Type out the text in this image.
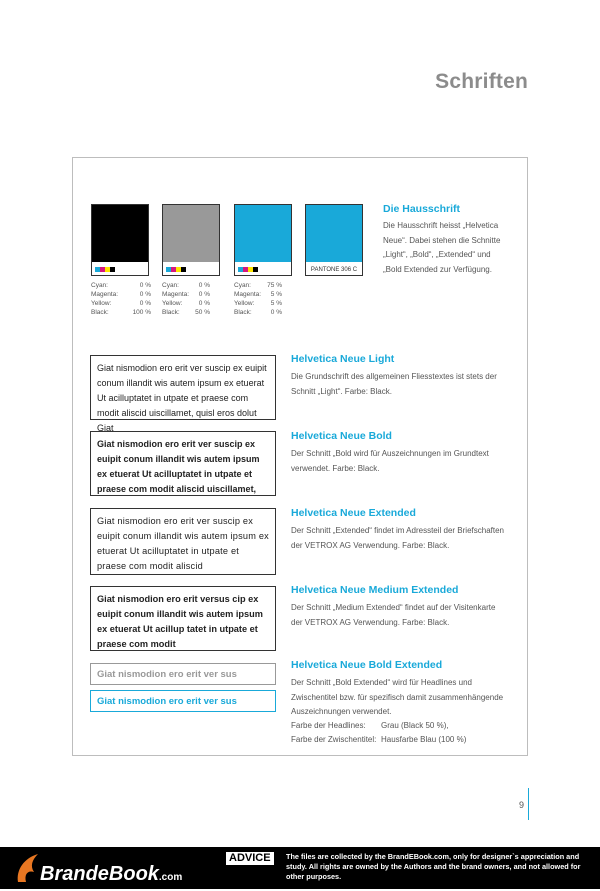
Schriften
PANTONE 306 C
Cyan:	0 %
Magenta:	0 %
Yellow:	0 %
Black:	100 %
Cyan:	0 %
Magenta: 0 %
Yellow:	0 %
Black: 50 %
Cyan: 75 %
Magenta: 5 %
Yellow:	5 %
Black:	0 %
Die Hausschrift
Die Hausschrift heisst „Helvetica Neue“. Dabei stehen die Schnitte „Light“, „Bold“, „Extended“ und „Bold Extended zur Verfügung.
Giat nismodion ero erit ver suscip ex euipit conum illandit wis autem ipsum ex etuerat Ut acilluptatet in utpate et praese com modit aliscid uiscillamet, quisl eros dolut Giat
Giat nismodion ero erit ver suscip ex euipit conum illandit wis autem ipsum ex etuerat Ut acilluptatet in utpate et praese com modit aliscid uiscillamet,
Giat nismodion ero erit ver suscip ex euipit conum illandit wis autem ipsum ex etuerat Ut acilluptatet in utpate et praese com modit aliscid
Giat nismodion ero erit versus cip ex euipit conum illandit wis autem ipsum ex etuerat Ut acillup tatet in utpate et praese com modit
Giat nismodion ero erit ver sus
Giat nismodion ero erit ver sus
Helvetica Neue Light
Die Grundschrift des allgemeinen Fliesstextes ist stets der Schnitt „Light“. Farbe: Black.
Helvetica Neue Bold
Der Schnitt „Bold wird für Auszeichnungen im Grundtext verwendet. Farbe: Black.
Helvetica Neue Extended
Der Schnitt „Extended“ findet im Adressteil der Briefschaften der VETROX AG Verwendung. Farbe: Black.
Helvetica Neue Medium Extended
Der Schnitt „Medium Extended“ findet auf der Visitenkarte der VETROX AG Verwendung. Farbe: Black.
Helvetica Neue Bold Extended
Der Schnitt „Bold Extended“ wird für Headlines und Zwischentitel bzw. für spezifisch damit zusammenhängende Auszeichnungen verwendet.
Farbe der Headlines: Grau (Black 50 %),
Farbe der Zwischentitel: Hausfarbe Blau (100 %)
9
BrandeBook.com
ADVICE	The files are collected by the BrandEBook.com, only for designer`s appreciation and study. All rights are owned by the Authors and the brand owners, and not allowed for other purposes.
